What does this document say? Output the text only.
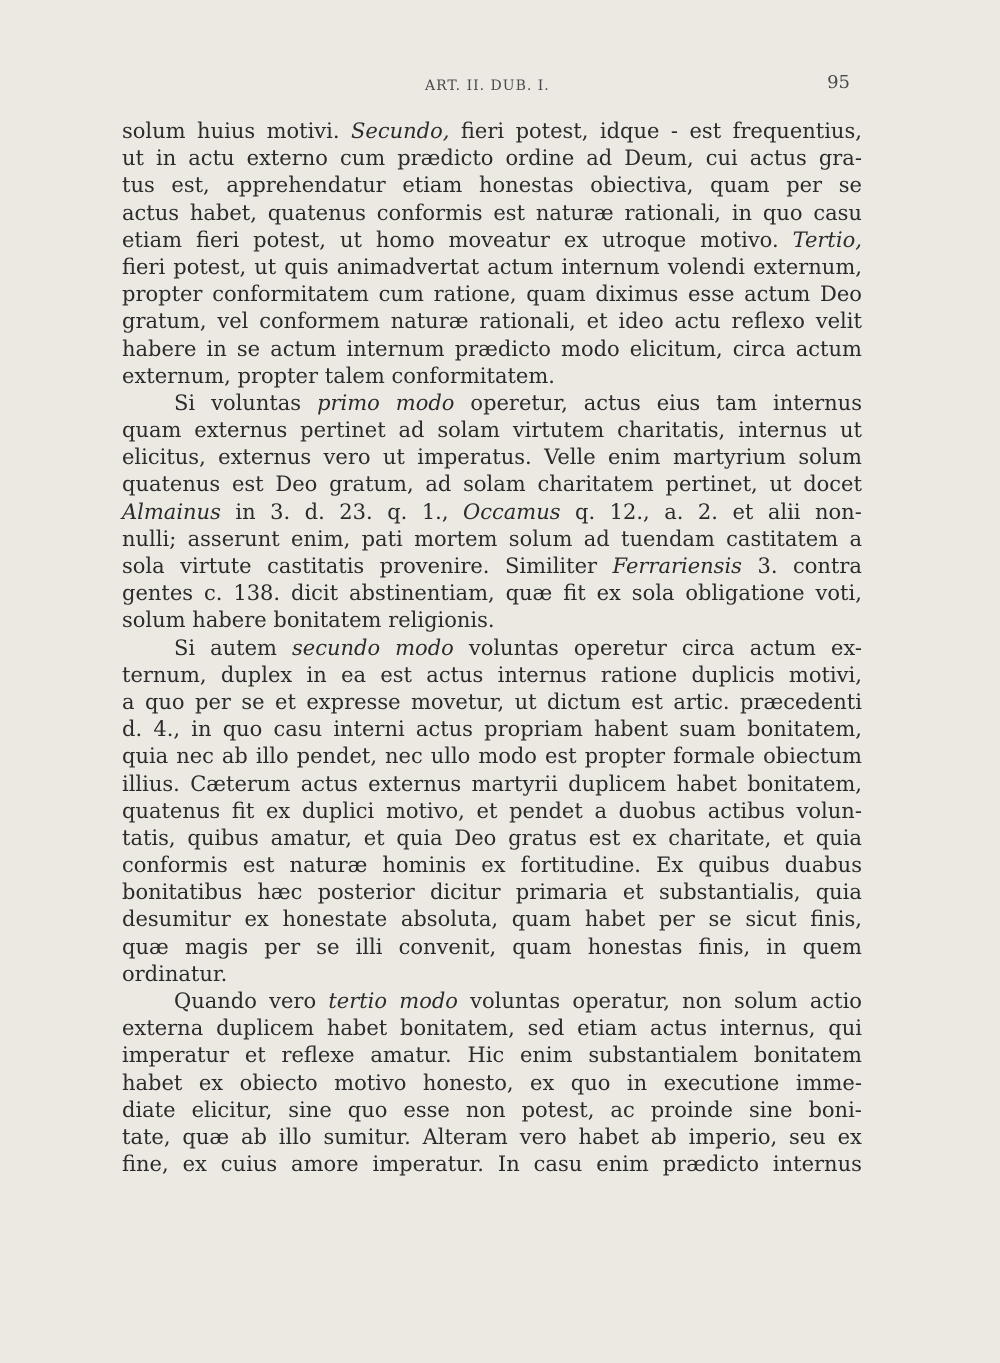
ART. II. DUB. I.	95
solum huius motivi. Secundo, fieri potest, idque - est frequentius,
ut in actu externo cum prædicto ordine ad Deum, cui actus gra-
tus est, apprehendatur etiam honestas obiectiva, quam per se
actus habet, quatenus conformis est naturæ rationali, in quo casu
etiam fieri potest, ut homo moveatur ex utroque motivo. Tertio,
fieri potest, ut quis animadvertat actum internum volendi externum,
propter conformitatem cum ratione, quam diximus esse actum Deo
gratum, vel conformem naturæ rationali, et ideo actu reflexo velit
habere in se actum internum prædicto modo elicitum, circa actum
externum, propter talem conformitatem.
Si voluntas primo modo operetur, actus eius tam internus
quam externus pertinet ad solam virtutem charitatis, internus ut
elicitus, externus vero ut imperatus. Velle enim martyrium solum
quatenus est Deo gratum, ad solam charitatem pertinet, ut docet
Almainus in 3. d. 23. q. 1., Occamus q. 12., a. 2. et alii non-
nulli; asserunt enim, pati mortem solum ad tuendam castitatem a
sola virtute castitatis provenire. Similiter Ferrariensis 3. contra
gentes c. 138. dicit abstinentiam, quæ fit ex sola obligatione voti,
solum habere bonitatem religionis.
Si autem secundo modo voluntas operetur circa actum ex-
ternum, duplex in ea est actus internus ratione duplicis motivi,
a quo per se et expresse movetur, ut dictum est artic. præcedenti
d. 4., in quo casu interni actus propriam habent suam bonitatem,
quia nec ab illo pendet, nec ullo modo est propter formale obiectum
illius. Cæterum actus externus martyrii duplicem habet bonitatem,
quatenus fit ex duplici motivo, et pendet a duobus actibus volun-
tatis, quibus amatur, et quia Deo gratus est ex charitate, et quia
conformis est naturæ hominis ex fortitudine. Ex quibus duabus
bonitatibus hæc posterior dicitur primaria et substantialis, quia
desumitur ex honestate absoluta, quam habet per se sicut finis,
quæ magis per se illi convenit, quam honestas finis, in quem
ordinatur.
Quando vero tertio modo voluntas operatur, non solum actio
externa duplicem habet bonitatem, sed etiam actus internus, qui
imperatur et reflexe amatur. Hic enim substantialem bonitatem
habet ex obiecto motivo honesto, ex quo in executione imme-
diate elicitur, sine quo esse non potest, ac proinde sine boni-
tate, quæ ab illo sumitur. Alteram vero habet ab imperio, seu ex
fine, ex cuius amore imperatur. In casu enim prædicto internus
